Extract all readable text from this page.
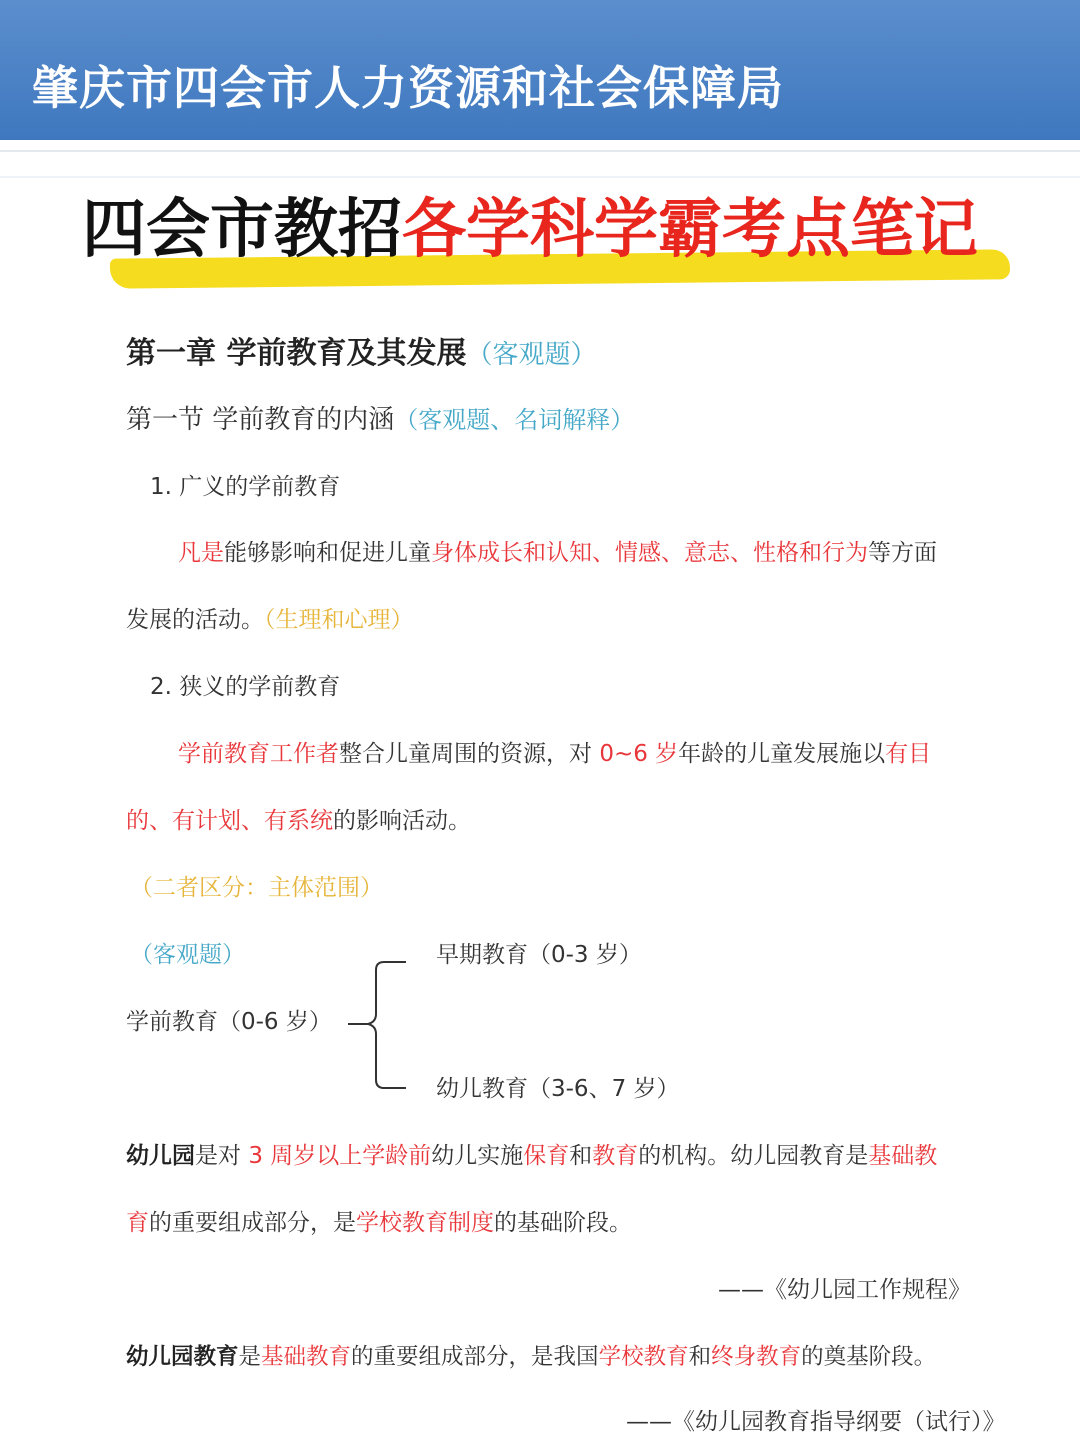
肇庆市四会市人力资源和社会保障局
四会市教招各学科学霸考点笔记
第一章 学前教育及其发展（客观题）
第一节 学前教育的内涵（客观题、名词解释）
1. 广义的学前教育
凡是能够影响和促进儿童身体成长和认知、情感、意志、性格和行为等方面
发展的活动。（生理和心理）
2. 狭义的学前教育
学前教育工作者整合儿童周围的资源，对 0~6 岁年龄的儿童发展施以有目
的、有计划、有系统的影响活动。
（二者区分：主体范围）
（客观题）
学前教育（0-6 岁）
早期教育（0-3 岁）
幼儿教育（3-6、7 岁）
幼儿园是对 3 周岁以上学龄前幼儿实施保育和教育的机构。幼儿园教育是基础教
育的重要组成部分，是学校教育制度的基础阶段。
——《幼儿园工作规程》
幼儿园教育是基础教育的重要组成部分，是我国学校教育和终身教育的奠基阶段。
——《幼儿园教育指导纲要（试行）》
